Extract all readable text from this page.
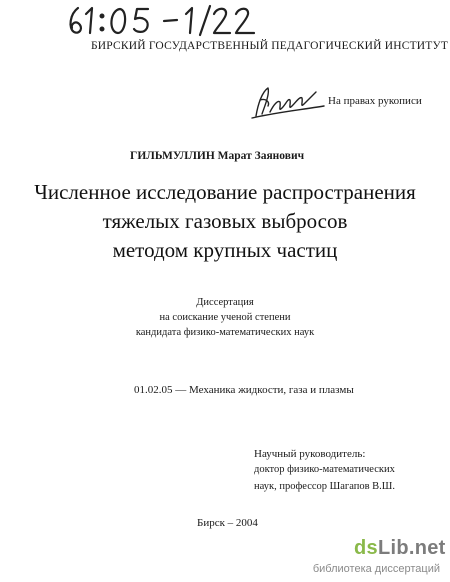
БИРСКИЙ ГОСУДАРСТВЕННЫЙ ПЕДАГОГИЧЕСКИЙ ИНСТИТУТ
На правах рукописи
ГИЛЬМУЛЛИН Марат Заянович
Численное исследование распространения
тяжелых газовых выбросов
методом крупных частиц
Диссертация
на соискание ученой степени
кандидата физико-математических наук
01.02.05 — Механика жидкости, газа и плазмы
Научный руководитель:
доктор физико-математических
наук, профессор Шагапов В.Ш.
Бирск – 2004
dsLib.net
библиотека диссертаций
